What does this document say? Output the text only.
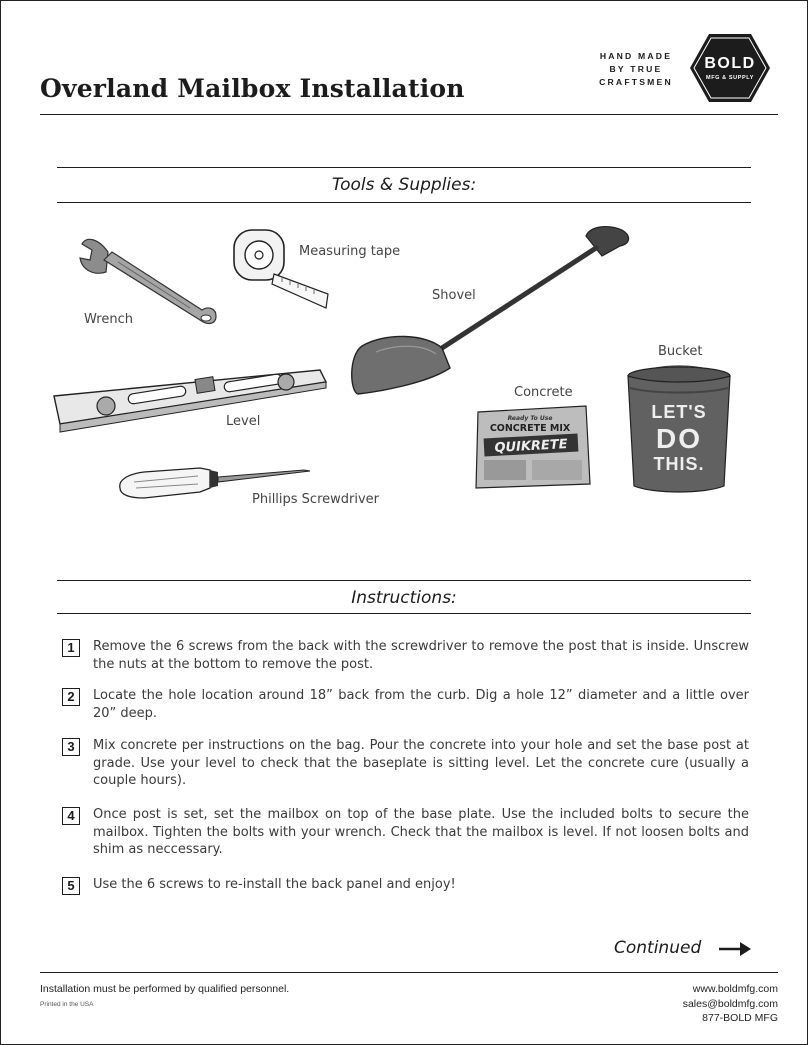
Overland Mailbox Installation
HAND MADE
BY TRUE
CRAFTSMEN
BOLD
MFG & SUPPLY
Tools & Supplies:
Wrench
Measuring tape
Shovel
Level
Phillips Screwdriver
Ready To Use
CONCRETE MIX
QUIKRETE
Concrete
LET'S
DO
THIS.
Bucket
Instructions:
1	Remove the 6 screws from the back with the screwdriver to remove the post that is inside. Unscrew the nuts at the bottom to remove the post.
2	Locate the hole location around 18” back from the curb. Dig a hole 12” diameter and a little over 20” deep.
3	Mix concrete per instructions on the bag. Pour the concrete into your hole and set the base post at grade. Use your level to check that the baseplate is sitting level. Let the concrete cure (usually a couple hours).
4	Once post is set, set the mailbox on top of the base plate. Use the included bolts to secure the mailbox. Tighten the bolts with your wrench. Check that the mailbox is level. If not loosen bolts and shim as neccessary.
5	Use the 6 screws to re-install the back panel and enjoy!
Continued
Installation must be performed by qualified personnel.
Printed in the USA
www.boldmfg.com
sales@boldmfg.com
877-BOLD MFG
